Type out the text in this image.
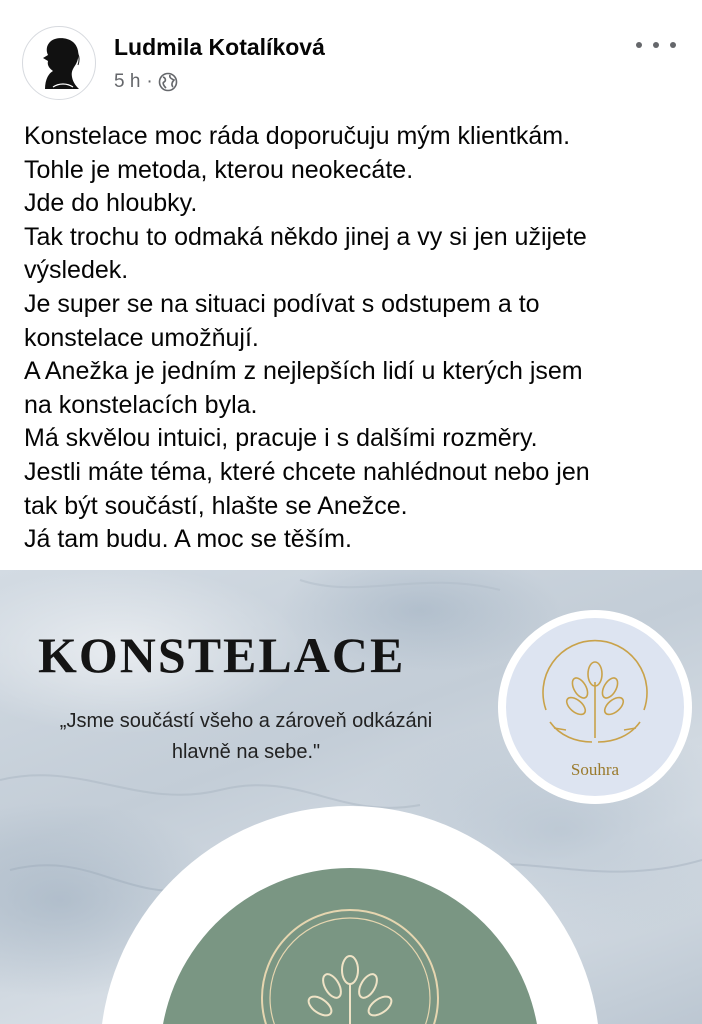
Ludmila Kotalíková
5 h ·
Konstelace moc ráda doporučuju mým klientkám.
Tohle je metoda, kterou neokecáte.
Jde do hloubky.
Tak trochu to odmaká někdo jinej a vy si jen užijete
výsledek.
Je super se na situaci podívat s odstupem a to
konstelace umožňují.
A Anežka je jedním z nejlepších lidí u kterých jsem
na konstelacích byla.
Má skvělou intuici, pracuje i s dalšími rozměry.
Jestli máte téma, které chcete nahlédnout nebo jen
tak být součástí, hlašte se Anežce.
Já tam budu. A moc se těším.
KONSTELACE
„Jsme součástí všeho a zároveň odkázáni
hlavně na sebe."
Souhra
